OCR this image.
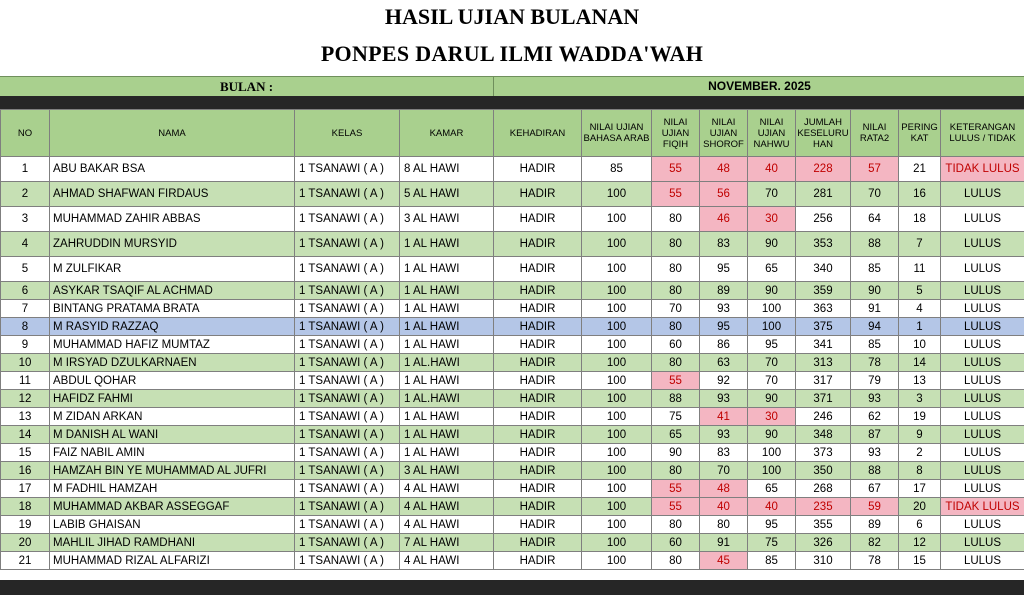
HASIL UJIAN BULANAN
PONPES DARUL ILMI WADDA'WAH
BULAN :	NOVEMBER. 2025
NO	NAMA	KELAS	KAMAR	KEHADIRAN	NILAI UJIAN BAHASA ARAB	NILAI UJIAN FIQIH	NILAI UJIAN SHOROF	NILAI UJIAN NAHWU	JUMLAH KESELURU HAN	NILAI RATA2	PERING KAT	KETERANGAN LULUS / TIDAK
1	ABU BAKAR BSA	1 TSANAWI ( A )	8 AL HAWI	HADIR	85	55	48	40	228	57	21	TIDAK LULUS
2	AHMAD SHAFWAN FIRDAUS	1 TSANAWI ( A )	5 AL HAWI	HADIR	100	55	56	70	281	70	16	LULUS
3	MUHAMMAD ZAHIR ABBAS	1 TSANAWI ( A )	3 AL HAWI	HADIR	100	80	46	30	256	64	18	LULUS
4	ZAHRUDDIN MURSYID	1 TSANAWI ( A )	1 AL HAWI	HADIR	100	80	83	90	353	88	7	LULUS
5	M ZULFIKAR	1 TSANAWI ( A )	1 AL HAWI	HADIR	100	80	95	65	340	85	11	LULUS
6	ASYKAR TSAQIF AL ACHMAD	1 TSANAWI ( A )	1 AL HAWI	HADIR	100	80	89	90	359	90	5	LULUS
7	BINTANG PRATAMA BRATA	1 TSANAWI ( A )	1 AL HAWI	HADIR	100	70	93	100	363	91	4	LULUS
8	M RASYID RAZZAQ	1 TSANAWI ( A )	1 AL HAWI	HADIR	100	80	95	100	375	94	1	LULUS
9	MUHAMMAD HAFIZ MUMTAZ	1 TSANAWI ( A )	1 AL HAWI	HADIR	100	60	86	95	341	85	10	LULUS
10	M IRSYAD DZULKARNAEN	1 TSANAWI ( A )	1 AL.HAWI	HADIR	100	80	63	70	313	78	14	LULUS
11	ABDUL QOHAR	1 TSANAWI ( A )	1 AL HAWI	HADIR	100	55	92	70	317	79	13	LULUS
12	HAFIDZ FAHMI	1 TSANAWI ( A )	1 AL.HAWI	HADIR	100	88	93	90	371	93	3	LULUS
13	M ZIDAN ARKAN	1 TSANAWI ( A )	1 AL HAWI	HADIR	100	75	41	30	246	62	19	LULUS
14	M DANISH AL WANI	1 TSANAWI ( A )	1 AL HAWI	HADIR	100	65	93	90	348	87	9	LULUS
15	FAIZ NABIL AMIN	1 TSANAWI ( A )	1 AL HAWI	HADIR	100	90	83	100	373	93	2	LULUS
16	HAMZAH BIN YE MUHAMMAD AL JUFRI	1 TSANAWI ( A )	3 AL HAWI	HADIR	100	80	70	100	350	88	8	LULUS
17	M FADHIL HAMZAH	1 TSANAWI ( A )	4 AL HAWI	HADIR	100	55	48	65	268	67	17	LULUS
18	MUHAMMAD AKBAR ASSEGGAF	1 TSANAWI ( A )	4 AL HAWI	HADIR	100	55	40	40	235	59	20	TIDAK LULUS
19	LABIB GHAISAN	1 TSANAWI ( A )	4 AL HAWI	HADIR	100	80	80	95	355	89	6	LULUS
20	MAHLIL JIHAD RAMDHANI	1 TSANAWI ( A )	7 AL HAWI	HADIR	100	60	91	75	326	82	12	LULUS
21	MUHAMMAD RIZAL ALFARIZI	1 TSANAWI ( A )	4 AL HAWI	HADIR	100	80	45	85	310	78	15	LULUS
